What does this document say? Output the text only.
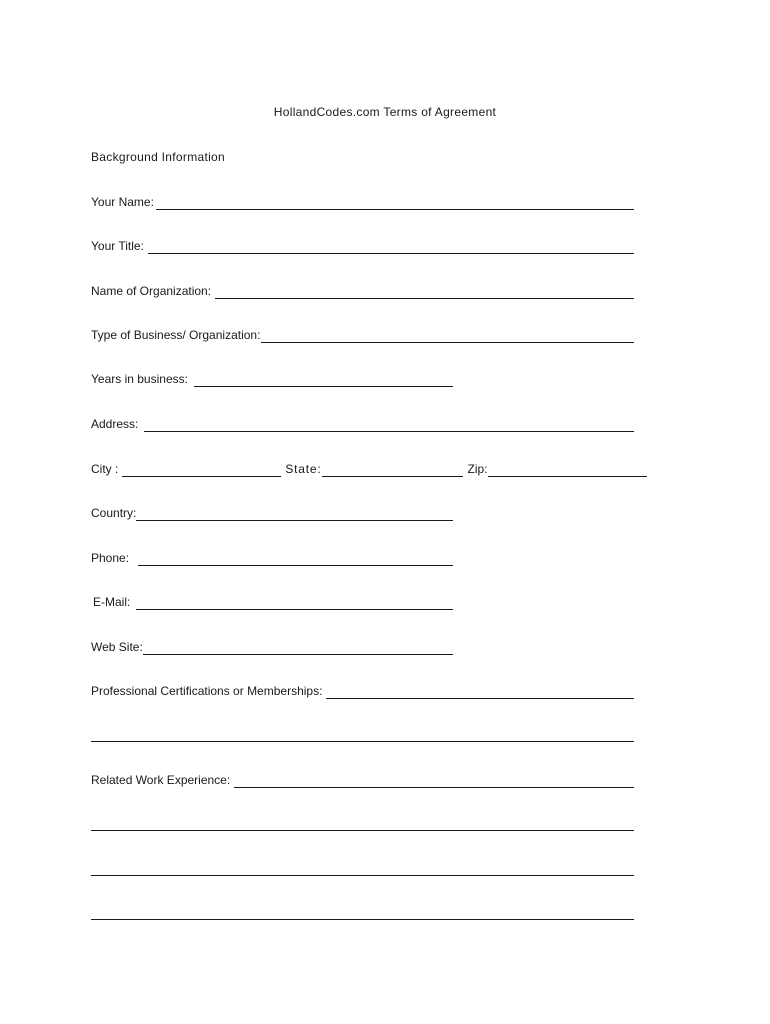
HollandCodes.com Terms of Agreement
Background Information
Your Name:
Your Title:
Name of Organization:
Type of Business/ Organization:
Years in business:
Address:
City :	State:	Zip:
Country:
Phone:
E-Mail:
Web Site:
Professional Certifications or Memberships:
Related Work Experience:
